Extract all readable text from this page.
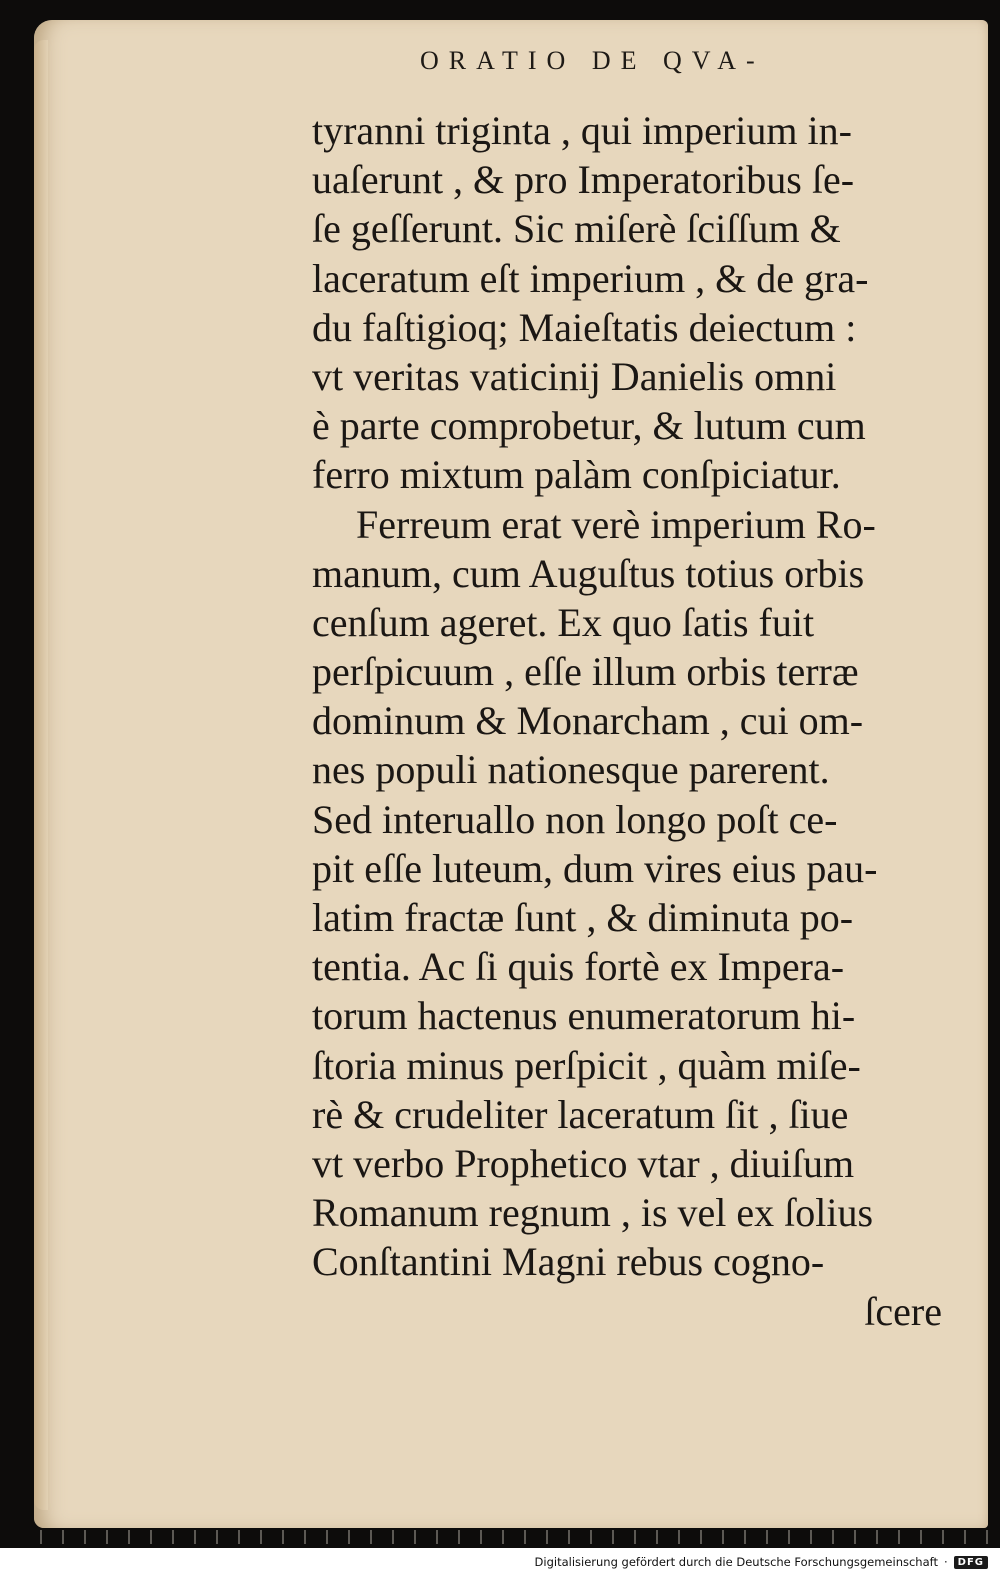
ORATIO DE QVA-
tyranni triginta , qui imperium in-
uaſerunt , & pro Imperatoribus ſe-
ſe geſſerunt. Sic miſerè ſciſſum &
laceratum eſt imperium , & de gra-
du faſtigioq; Maieſtatis deiectum :
vt veritas vaticinij Danielis omni
è parte comprobetur, & lutum cum
ferro mixtum palàm conſpiciatur.
Ferreum erat verè imperium Ro-
manum, cum Auguſtus totius orbis
cenſum ageret. Ex quo ſatis fuit
perſpicuum , eſſe illum orbis terræ
dominum & Monarcham , cui om-
nes populi nationesque parerent.
Sed interuallo non longo poſt ce-
pit eſſe luteum, dum vires eius pau-
latim fractæ ſunt , & diminuta po-
tentia. Ac ſi quis fortè ex Impera-
torum hactenus enumeratorum hi-
ſtoria minus perſpicit , quàm miſe-
rè & crudeliter laceratum ſit , ſiue
vt verbo Prophetico vtar , diuiſum
Romanum regnum , is vel ex ſolius
Conſtantini Magni rebus cogno-
ſcere
Digitalisierung gefördert durch die Deutsche Forschungsgemeinschaft ·	DFG
